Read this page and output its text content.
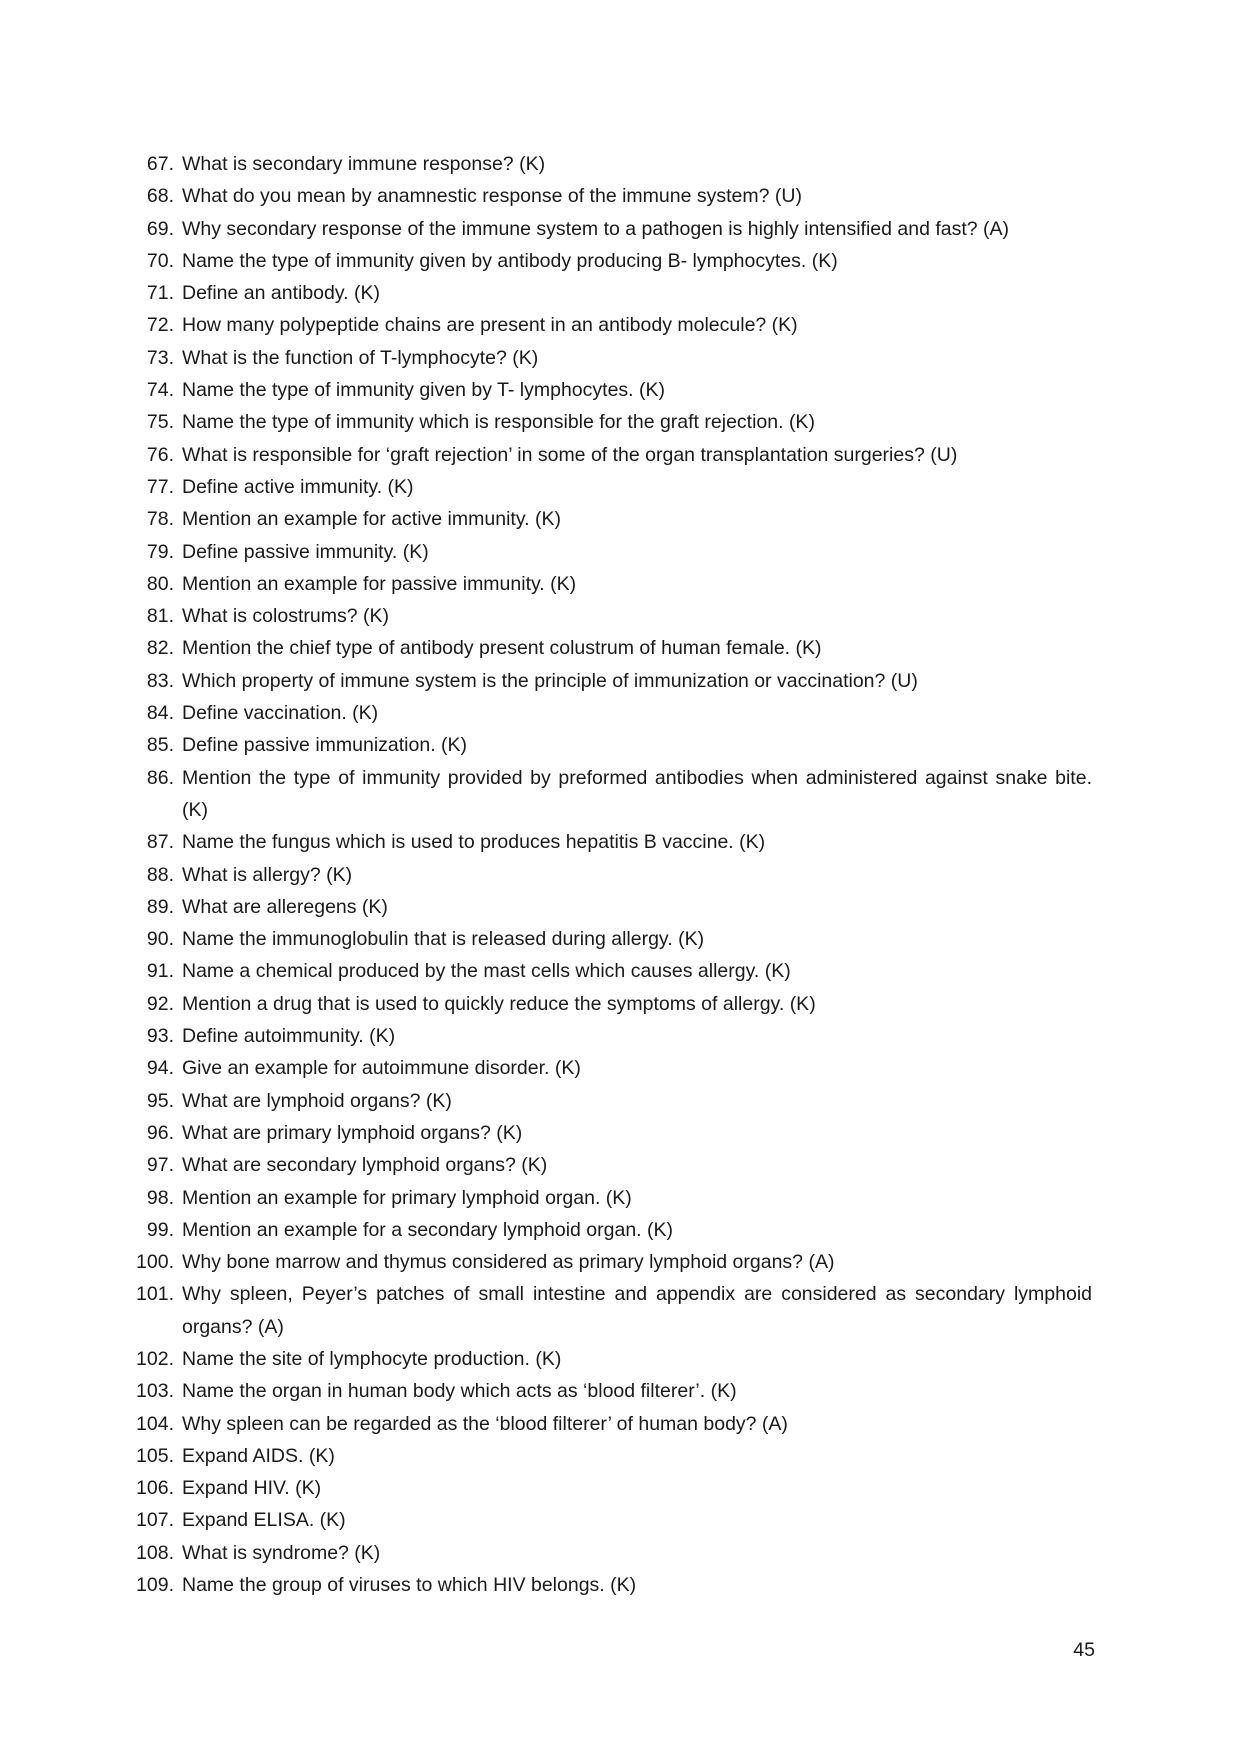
67. What is secondary immune response? (K)
68. What do you mean by anamnestic response of the immune system? (U)
69. Why secondary response of the immune system to a pathogen is highly intensified and fast? (A)
70. Name the type of immunity given by antibody producing B- lymphocytes. (K)
71. Define an antibody. (K)
72. How many polypeptide chains are present in an antibody molecule? (K)
73. What is the function of T-lymphocyte? (K)
74. Name the type of immunity given by T- lymphocytes. (K)
75. Name the type of immunity which is responsible for the graft rejection. (K)
76. What is responsible for ‘graft rejection’ in some of the organ transplantation surgeries? (U)
77. Define active immunity. (K)
78. Mention an example for active immunity. (K)
79. Define passive immunity. (K)
80. Mention an example for passive immunity. (K)
81. What is colostrums? (K)
82. Mention the chief type of antibody present colustrum of human female. (K)
83. Which property of immune system is the principle of immunization or vaccination? (U)
84. Define vaccination. (K)
85. Define passive immunization. (K)
86. Mention the type of immunity provided by preformed antibodies when administered against snake bite. (K)
87. Name the fungus which is used to produces hepatitis B vaccine. (K)
88. What is allergy? (K)
89. What are alleregens (K)
90. Name the immunoglobulin that is released during allergy. (K)
91. Name a chemical produced by the mast cells which causes allergy. (K)
92. Mention a drug that is used to quickly reduce the symptoms of allergy. (K)
93. Define autoimmunity. (K)
94. Give an example for autoimmune disorder. (K)
95. What are lymphoid organs? (K)
96. What are primary lymphoid organs? (K)
97. What are secondary lymphoid organs? (K)
98. Mention an example for primary lymphoid organ. (K)
99. Mention an example for a secondary lymphoid organ. (K)
100. Why bone marrow and thymus considered as primary lymphoid organs? (A)
101. Why spleen, Peyer’s patches of small intestine and appendix are considered as secondary lymphoid organs? (A)
102. Name the site of lymphocyte production. (K)
103. Name the organ in human body which acts as ‘blood filterer’. (K)
104. Why spleen can be regarded as the ‘blood filterer’ of human body? (A)
105. Expand AIDS. (K)
106. Expand HIV. (K)
107. Expand ELISA. (K)
108. What is syndrome? (K)
109. Name the group of viruses to which HIV belongs. (K)
45
